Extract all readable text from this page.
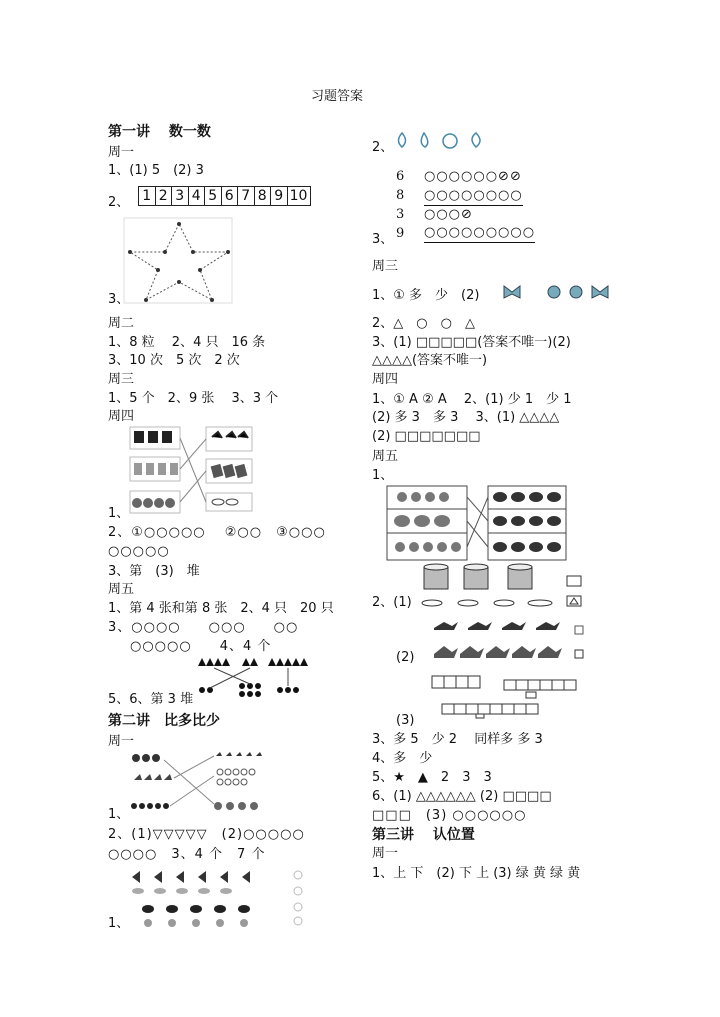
习题答案
第一讲　 数一数
周一
1、(1) 5　(2) 3
2、 1 2 3 4 5 6 7 8 9 10
3、
周二
1、8 粒　 2、4 只　16 条
3、10 次　5 次　2 次
周三
1、5 个　2、9 张　 3、3 个
周四
1、
2、①○○○○○　 ②○○　③○○○
○○○○○
3、第　(3)　堆
周五
1、第 4 张和第 8 张　2、4 只　20 只
3、○○○○　　○○○　　○○
○○○○○　　4、4 个
5、6、第 3 堆
第二讲　比多比少
周一
1、
2、(1)▽▽▽▽▽　(2)○○○○○
○○○○　3、4 个　7 个
1、
2、
6 ○○○○○○⊘⊘
8 ○○○○○○○○
3 ○○○⊘
9 ○○○○○○○○○
3、
周三
1、① 多　少　(2)
2、△　○　○　△
3、(1) □□□□□(答案不唯一)(2)
△△△△(答案不唯一)
周四
1、① A ② A　 2、(1) 少 1　少 1
(2) 多 3　多 3　 3、(1) △△△△
(2) □□□□□□□
周五
1、
2、(1)
(2)
(3)
3、多 5　少 2　 同样多 多 3
4、多　少
5、★　▲　2　3　3
6、(1) △△△△△△ (2) □□□□
□□□　(3) ○○○○○○
第三讲　 认位置
周一
1、上 下　(2) 下 上 (3) 绿 黄 绿 黄
